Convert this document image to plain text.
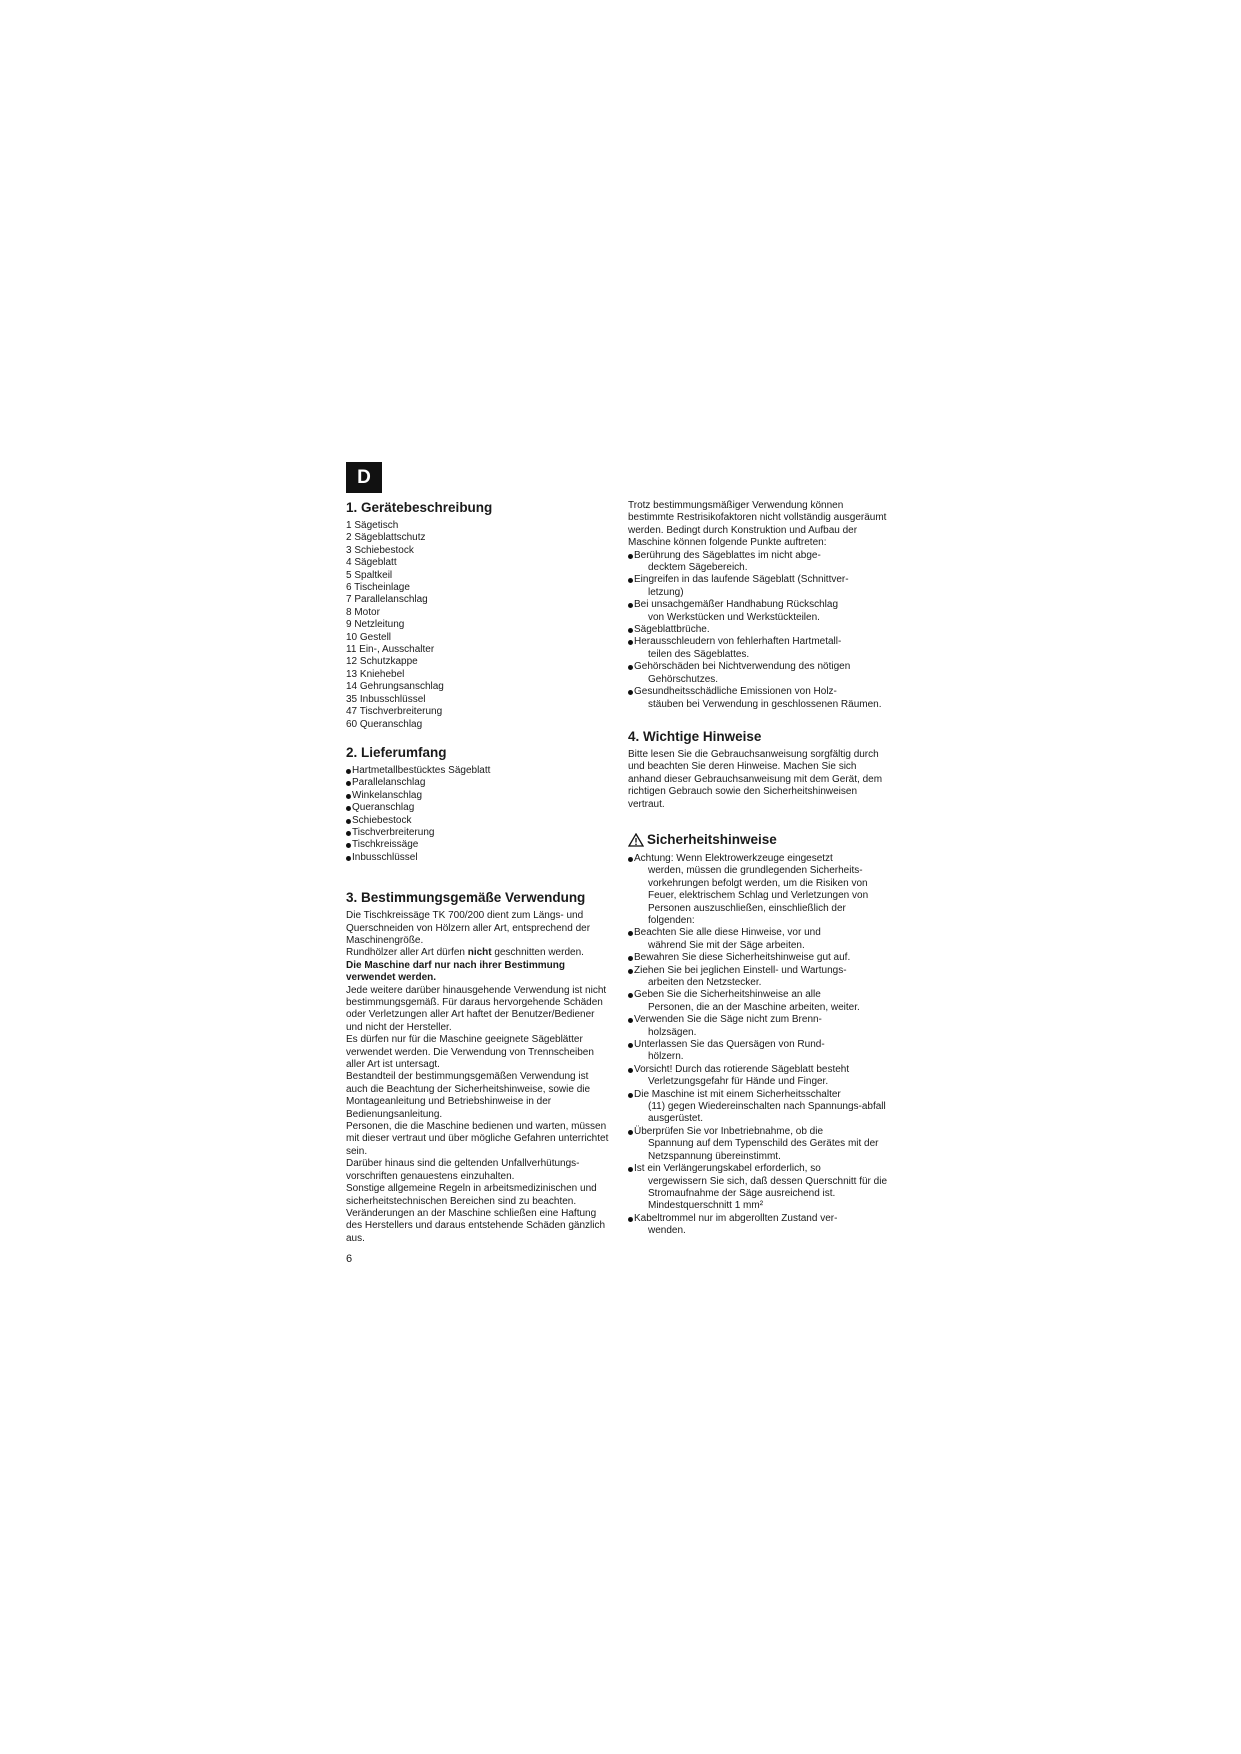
D
1. Gerätebeschreibung
1 Sägetisch
2 Sägeblattschutz
3 Schiebestock
4 Sägeblatt
5 Spaltkeil
6 Tischeinlage
7 Parallelanschlag
8 Motor
9 Netzleitung
10 Gestell
11 Ein-, Ausschalter
12 Schutzkappe
13 Kniehebel
14 Gehrungsanschlag
35 Inbusschlüssel
47 Tischverbreiterung
60 Queranschlag
2. Lieferumfang
Hartmetallbestücktes Sägeblatt
Parallelanschlag
Winkelanschlag
Queranschlag
Schiebestock
Tischverbreiterung
Tischkreissäge
Inbusschlüssel
3. Bestimmungsgemäße Verwendung

Die Tischkreissäge TK 700/200 dient zum Längs- und Querschneiden von Hölzern aller Art, entsprechend der Maschinengröße.

Rundhölzer aller Art dürfen nicht geschnitten werden.

Die Maschine darf nur nach ihrer Bestimmung verwendet werden.

Jede weitere darüber hinausgehende Verwendung ist nicht bestimmungsgemäß. Für daraus hervorgehende Schäden oder Verletzungen aller Art haftet der Benutzer/Bediener und nicht der Hersteller.

Es dürfen nur für die Maschine geeignete Sägeblätter verwendet werden. Die Verwendung von Trennscheiben aller Art ist untersagt.

Bestandteil der bestimmungsgemäßen Verwendung ist auch die Beachtung der Sicherheitshinweise, sowie die Montageanleitung und Betriebshinweise in der Bedienungsanleitung.

Personen, die die Maschine bedienen und warten, müssen mit dieser vertraut und über mögliche Gefahren unterrichtet sein.

Darüber hinaus sind die geltenden Unfallverhütungs-vorschriften genauestens einzuhalten.

Sonstige allgemeine Regeln in arbeitsmedizinischen und sicherheitstechnischen Bereichen sind zu beachten.

Veränderungen an der Maschine schließen eine Haftung des Herstellers und daraus entstehende Schäden gänzlich aus.

Trotz bestimmungsmäßiger Verwendung können bestimmte Restrisikofaktoren nicht vollständig ausgeräumt werden. Bedingt durch Konstruktion und Aufbau der Maschine können folgende Punkte auftreten:

Berührung des Sägeblattes im nicht abge-
decktem Sägebereich.
Eingreifen in das laufende Sägeblatt (Schnittver-
letzung)
Bei unsachgemäßer Handhabung Rückschlag
von Werkstücken und Werkstückteilen.
Sägeblattbrüche.
Herausschleudern von fehlerhaften Hartmetall-
teilen des Sägeblattes.
Gehörschäden bei Nichtverwendung des nötigen
Gehörschutzes.
Gesundheitsschädliche Emissionen von Holz-
stäuben bei Verwendung in geschlossenen Räumen.
4. Wichtige Hinweise

Bitte lesen Sie die Gebrauchsanweisung sorgfältig durch und beachten Sie deren Hinweise. Machen Sie sich anhand dieser Gebrauchsanweisung mit dem Gerät, dem richtigen Gebrauch sowie den Sicherheitshinweisen vertraut.

Sicherheitshinweise
Achtung: Wenn Elektrowerkzeuge eingesetzt
werden, müssen die grundlegenden Sicherheits-vorkehrungen befolgt werden, um die Risiken von Feuer, elektrischem Schlag und Verletzungen von Personen auszuschließen, einschließlich der folgenden:
Beachten Sie alle diese Hinweise, vor und
während Sie mit der Säge arbeiten.
Bewahren Sie diese Sicherheitshinweise gut auf.
Ziehen Sie bei jeglichen Einstell- und Wartungs-
arbeiten den Netzstecker.
Geben Sie die Sicherheitshinweise an alle
Personen, die an der Maschine arbeiten, weiter.
Verwenden Sie die Säge nicht zum Brenn-
holzsägen.
Unterlassen Sie das Quersägen von Rund-
hölzern.
Vorsicht! Durch das rotierende Sägeblatt besteht
Verletzungsgefahr für Hände und Finger.
Die Maschine ist mit einem Sicherheitsschalter
(11) gegen Wiedereinschalten nach Spannungs-abfall ausgerüstet.
Überprüfen Sie vor Inbetriebnahme, ob die
Spannung auf dem Typenschild des Gerätes mit der Netzspannung übereinstimmt.
Ist ein Verlängerungskabel erforderlich, so
vergewissern Sie sich, daß dessen Querschnitt für die Stromaufnahme der Säge ausreichend ist. Mindestquerschnitt 1 mm²
Kabeltrommel nur im abgerollten Zustand ver-
wenden.
6
